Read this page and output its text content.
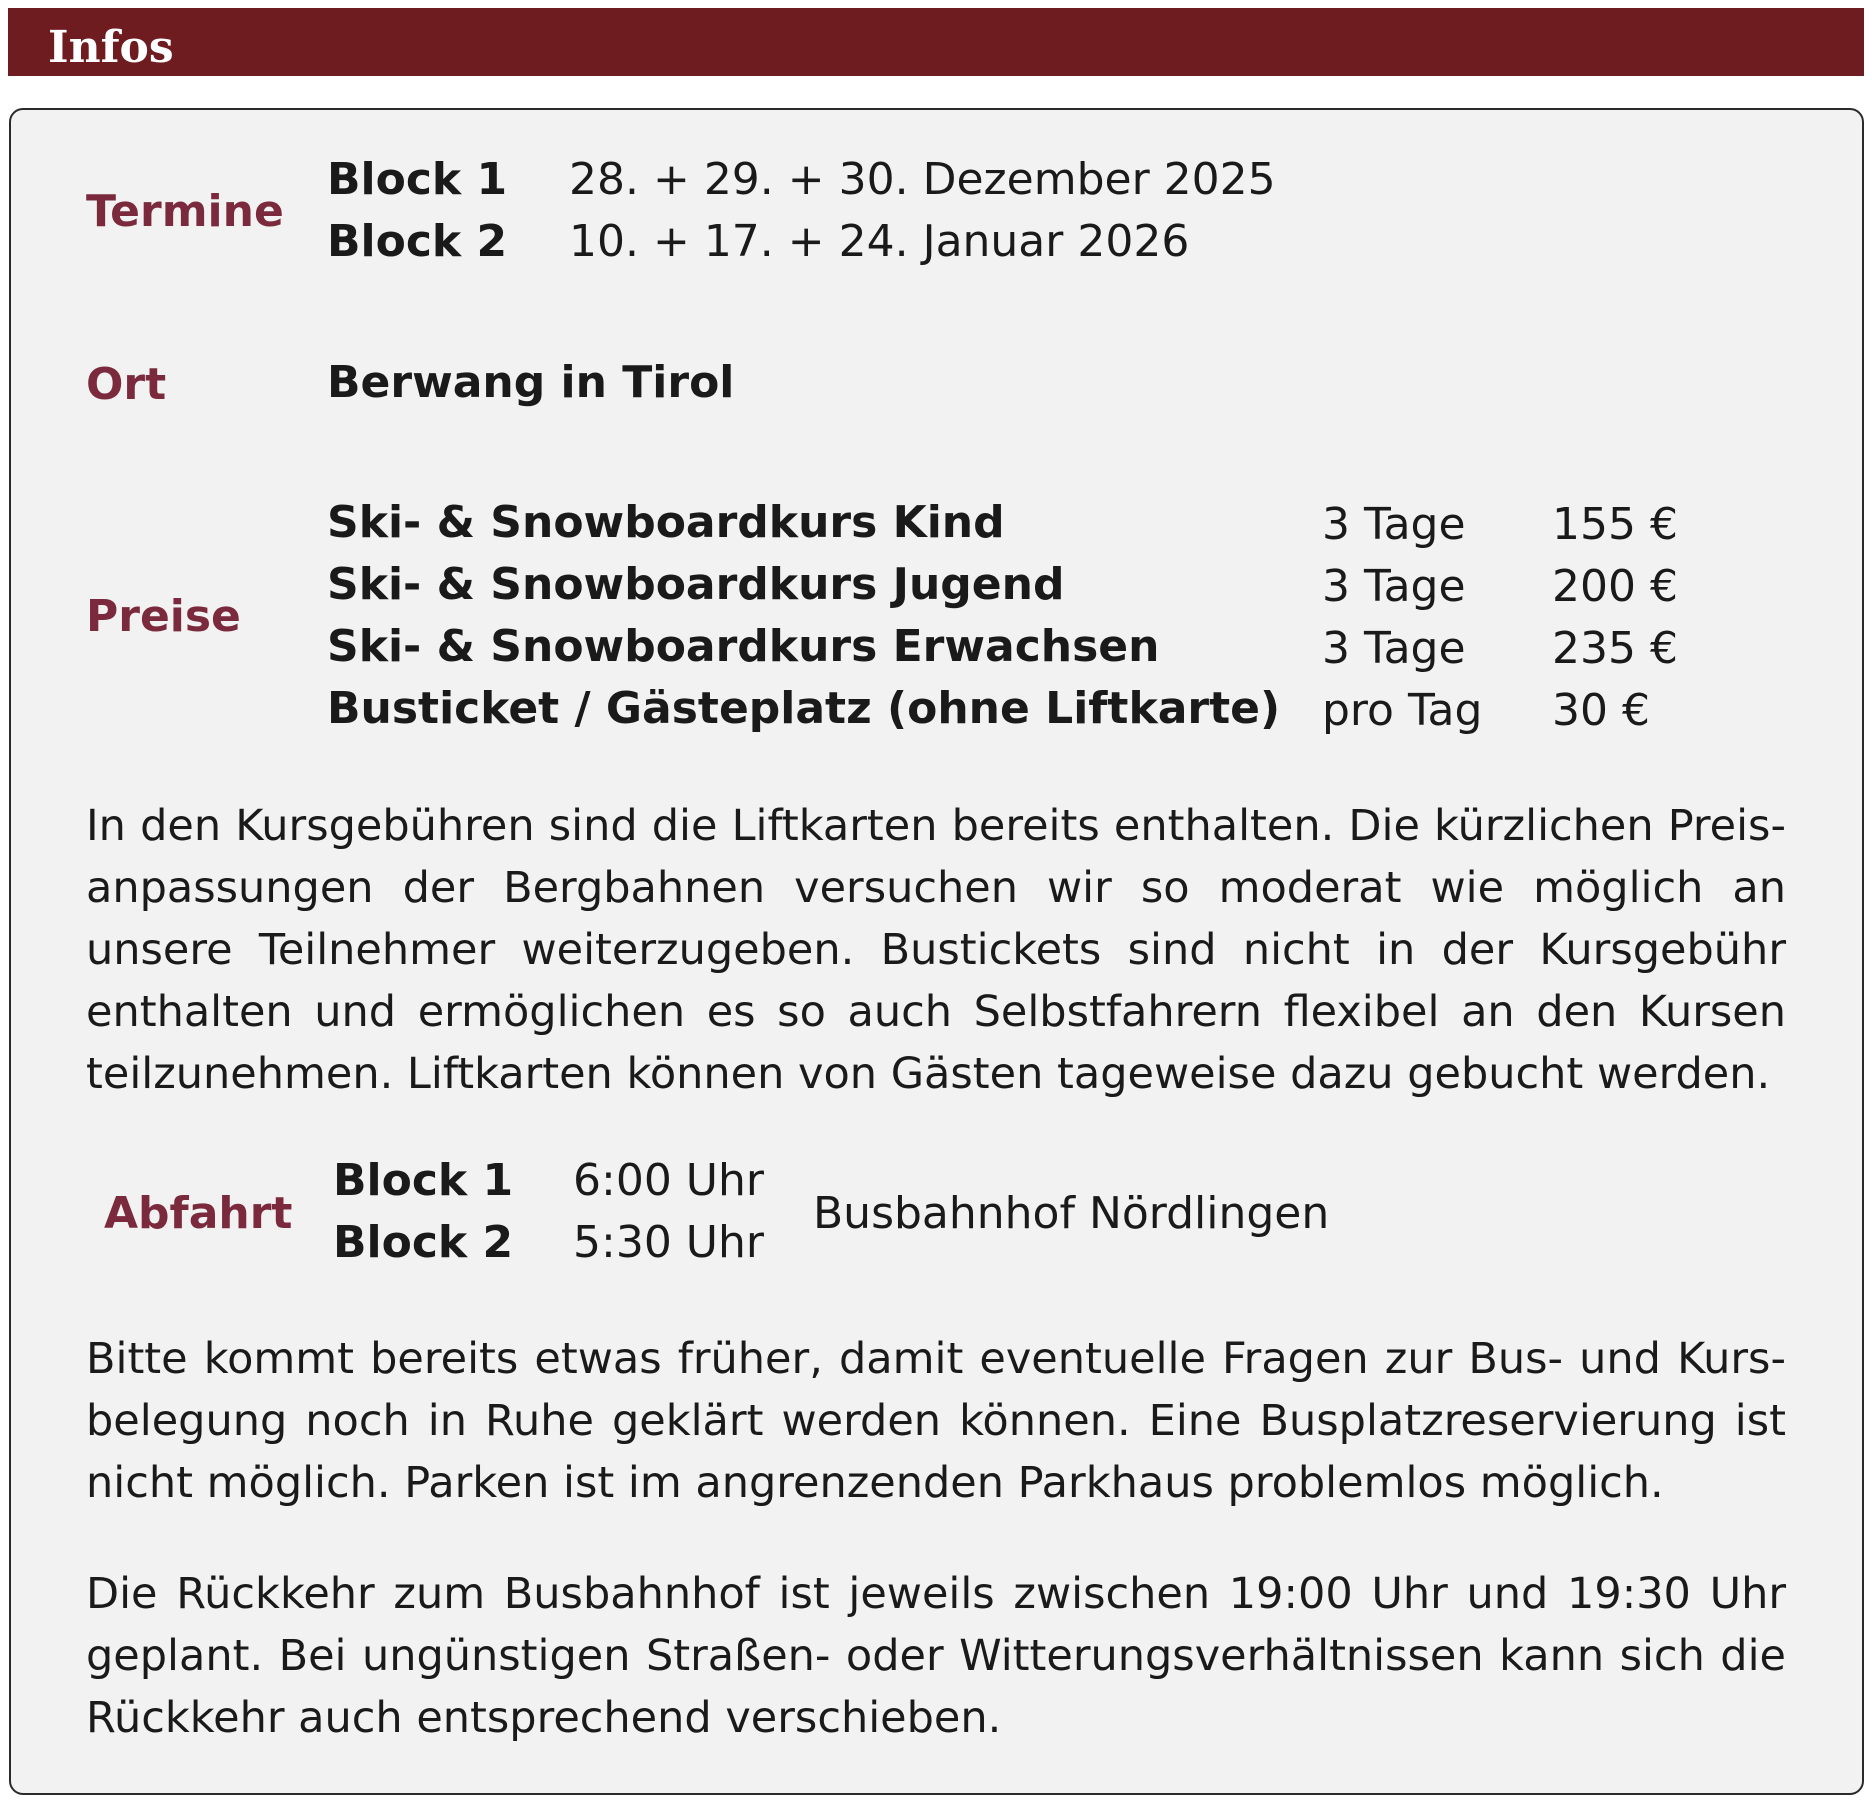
Infos
Termine
Block 1 28. + 29. + 30. Dezember 2025
Block 2 10. + 17. + 24. Januar 2026
Ort	Berwang in Tirol
Preise
Ski- & Snowboardkurs Kind	3 Tage 155 €
Ski- & Snowboardkurs Jugend	3 Tage 200 €
Ski- & Snowboardkurs Erwachsen	3 Tage 235 €
Busticket / Gästeplatz (ohne Liftkarte) pro Tag 30 €

In den Kursgebühren sind die Liftkarten bereits enthalten. Die kürzlichen Preisanpassungen der Bergbahnen versuchen wir so moderat wie möglich an unsere Teilnehmer weiterzugeben. Bustickets sind nicht in der Kursgebühr enthalten und ermöglichen es so auch Selbstfahrern flexibel an den Kursen teilzunehmen. Liftkarten können von Gästen tageweise dazu gebucht werden.

Abfahrt
Block 1 6:00 Uhr
Block 2 5:30 Uhr
Busbahnhof Nördlingen

Bitte kommt bereits etwas früher, damit eventuelle Fragen zur Bus- und Kursbelegung noch in Ruhe geklärt werden können. Eine Busplatzreservierung ist nicht möglich. Parken ist im angrenzenden Parkhaus problemlos möglich.

Die Rückkehr zum Busbahnhof ist jeweils zwischen 19:00 Uhr und 19:30 Uhr geplant. Bei ungünstigen Straßen- oder Witterungsverhältnissen kann sich die Rückkehr auch entsprechend verschieben.
